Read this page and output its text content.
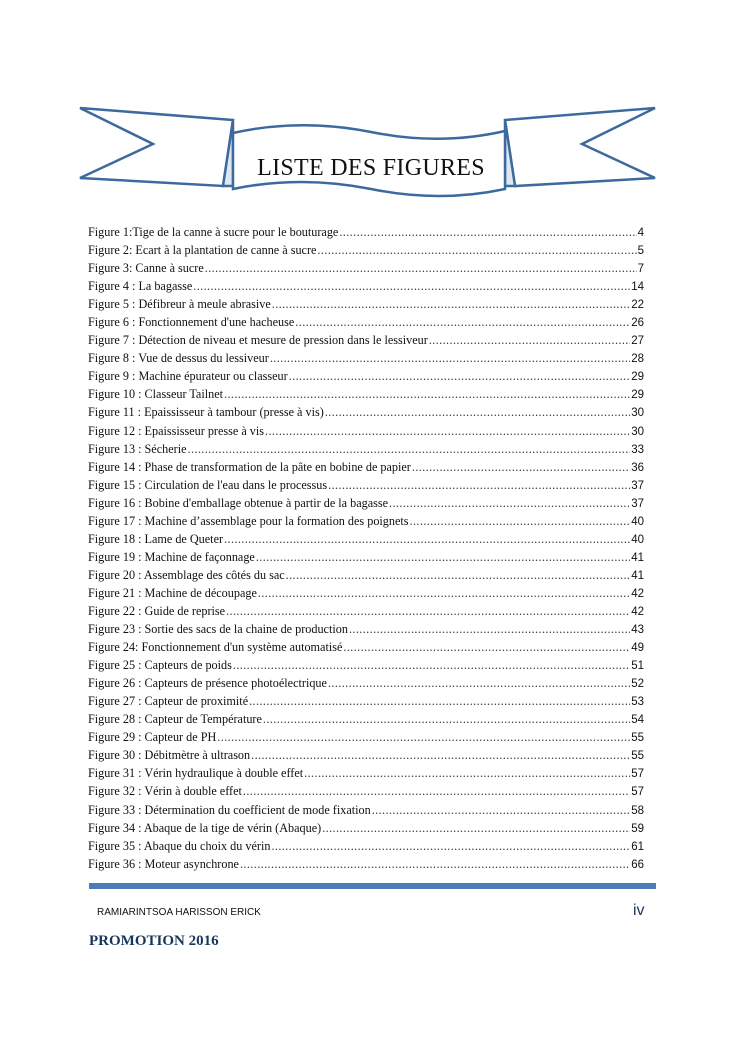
LISTE DES FIGURES
Figure 1:Tige de la canne à sucre pour le bouturage .....	4
Figure 2: Ecart à la plantation de canne à sucre .....	5
Figure 3: Canne à sucre .....	7
Figure 4 : La bagasse .....	14
Figure 5 : Défibreur à meule abrasive .....	22
Figure 6 : Fonctionnement d'une hacheuse .....	26
Figure 7 : Détection de niveau et mesure de pression dans le lessiveur .....	27
Figure 8 : Vue de dessus du lessiveur .....	28
Figure 9 : Machine épurateur ou classeur .....	29
Figure 10 : Classeur Tailnet .....	29
Figure 11 : Epaississeur à tambour (presse à vis) .....	30
Figure 12 : Epaississeur presse à vis .....	30
Figure 13 : Sécherie .....	33
Figure 14 : Phase de transformation de la pâte en bobine de papier .....	36
Figure 15 : Circulation de l'eau dans le processus .....	37
Figure 16 : Bobine d'emballage obtenue à partir de la bagasse .....	37
Figure 17 : Machine d’assemblage pour la formation des poignets .....	40
Figure 18 : Lame de Queter .....	40
Figure 19 : Machine de façonnage .....	41
Figure 20 : Assemblage des côtés du sac .....	41
Figure 21 : Machine de découpage .....	42
Figure 22 : Guide de reprise .....	42
Figure 23 : Sortie des sacs de la chaine de production .....	43
Figure 24: Fonctionnement d'un système automatisé .....	49
Figure 25 : Capteurs de poids .....	51
Figure 26 : Capteurs de présence photoélectrique .....	52
Figure 27 : Capteur de proximité .....	53
Figure 28 : Capteur de Température .....	54
Figure 29 : Capteur de PH .....	55
Figure 30 : Débitmètre à ultrason .....	55
Figure 31 : Vérin hydraulique à double effet .....	57
Figure 32 : Vérin à double effet .....	57
Figure 33 : Détermination du coefficient de mode fixation .....	58
Figure 34 : Abaque de la tige de vérin (Abaque) .....	59
Figure 35 : Abaque du choix du vérin .....	61
Figure 36 : Moteur asynchrone .....	66
RAMIARINTSOA HARISSON ERICK	iv
PROMOTION 2016
